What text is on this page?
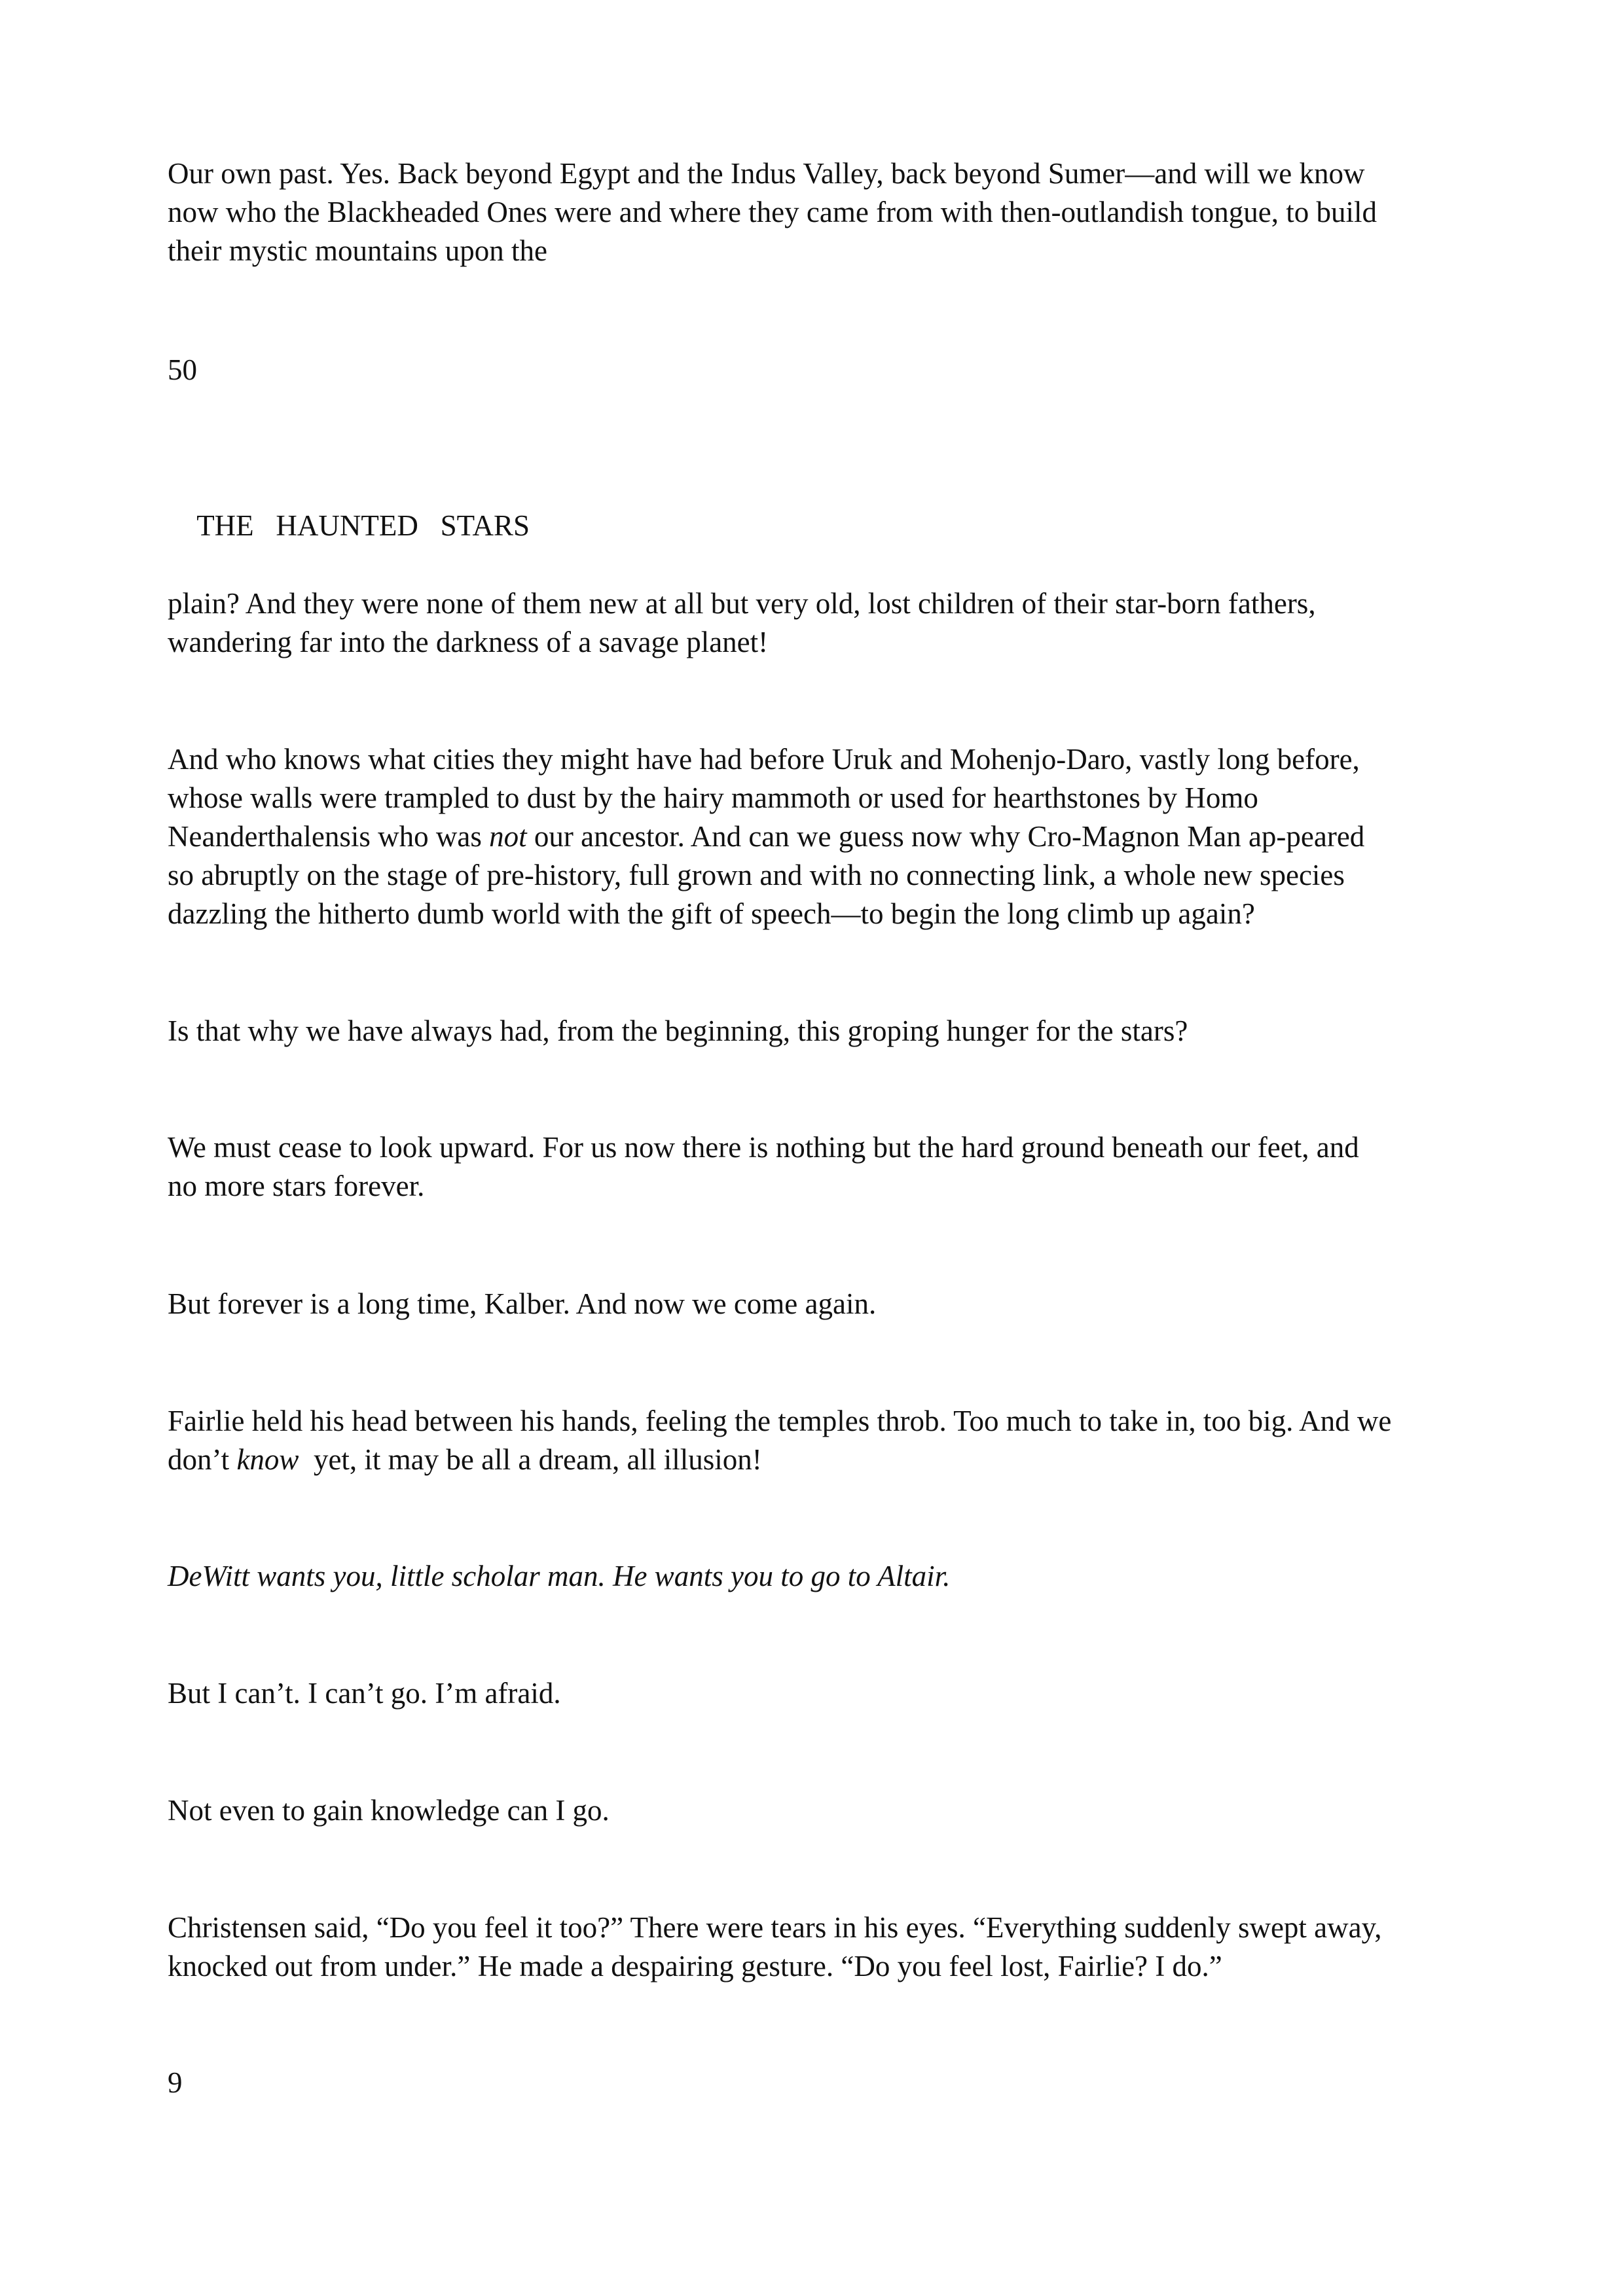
Our own past. Yes. Back beyond Egypt and the Indus Valley, back beyond Sumer—and will we know
now who the Blackheaded Ones were and where they came from with then-outlandish tongue, to build
their mystic mountains upon the

50

THE   HAUNTED   STARS

plain? And they were none of them new at all but very old, lost children of their star-born fathers,
wandering far into the darkness of a savage planet!

And who knows what cities they might have had before Uruk and Mohenjo-Daro, vastly long before,
whose walls were trampled to dust by the hairy mammoth or used for hearthstones by Homo
Neanderthalensis who was not our ancestor. And can we guess now why Cro-Magnon Man ap-peared
so abruptly on the stage of pre-history, full grown and with no connecting link, a whole new species
dazzling the hitherto dumb world with the gift of speech—to begin the long climb up again?

Is that why we have always had, from the beginning, this groping hunger for the stars?

We must cease to look upward. For us now there is nothing but the hard ground beneath our feet, and
no more stars forever.

But forever is a long time, Kalber. And now we come again.

Fairlie held his head between his hands, feeling the temples throb. Too much to take in, too big. And we
don’t know  yet, it may be all a dream, all illusion!

DeWitt wants you, little scholar man. He wants you to go to Altair.

But I can’t. I can’t go. I’m afraid.

Not even to gain knowledge can I go.

Christensen said, “Do you feel it too?” There were tears in his eyes. “Everything suddenly swept away,
knocked out from under.” He made a despairing gesture. “Do you feel lost, Fairlie? I do.”

9
